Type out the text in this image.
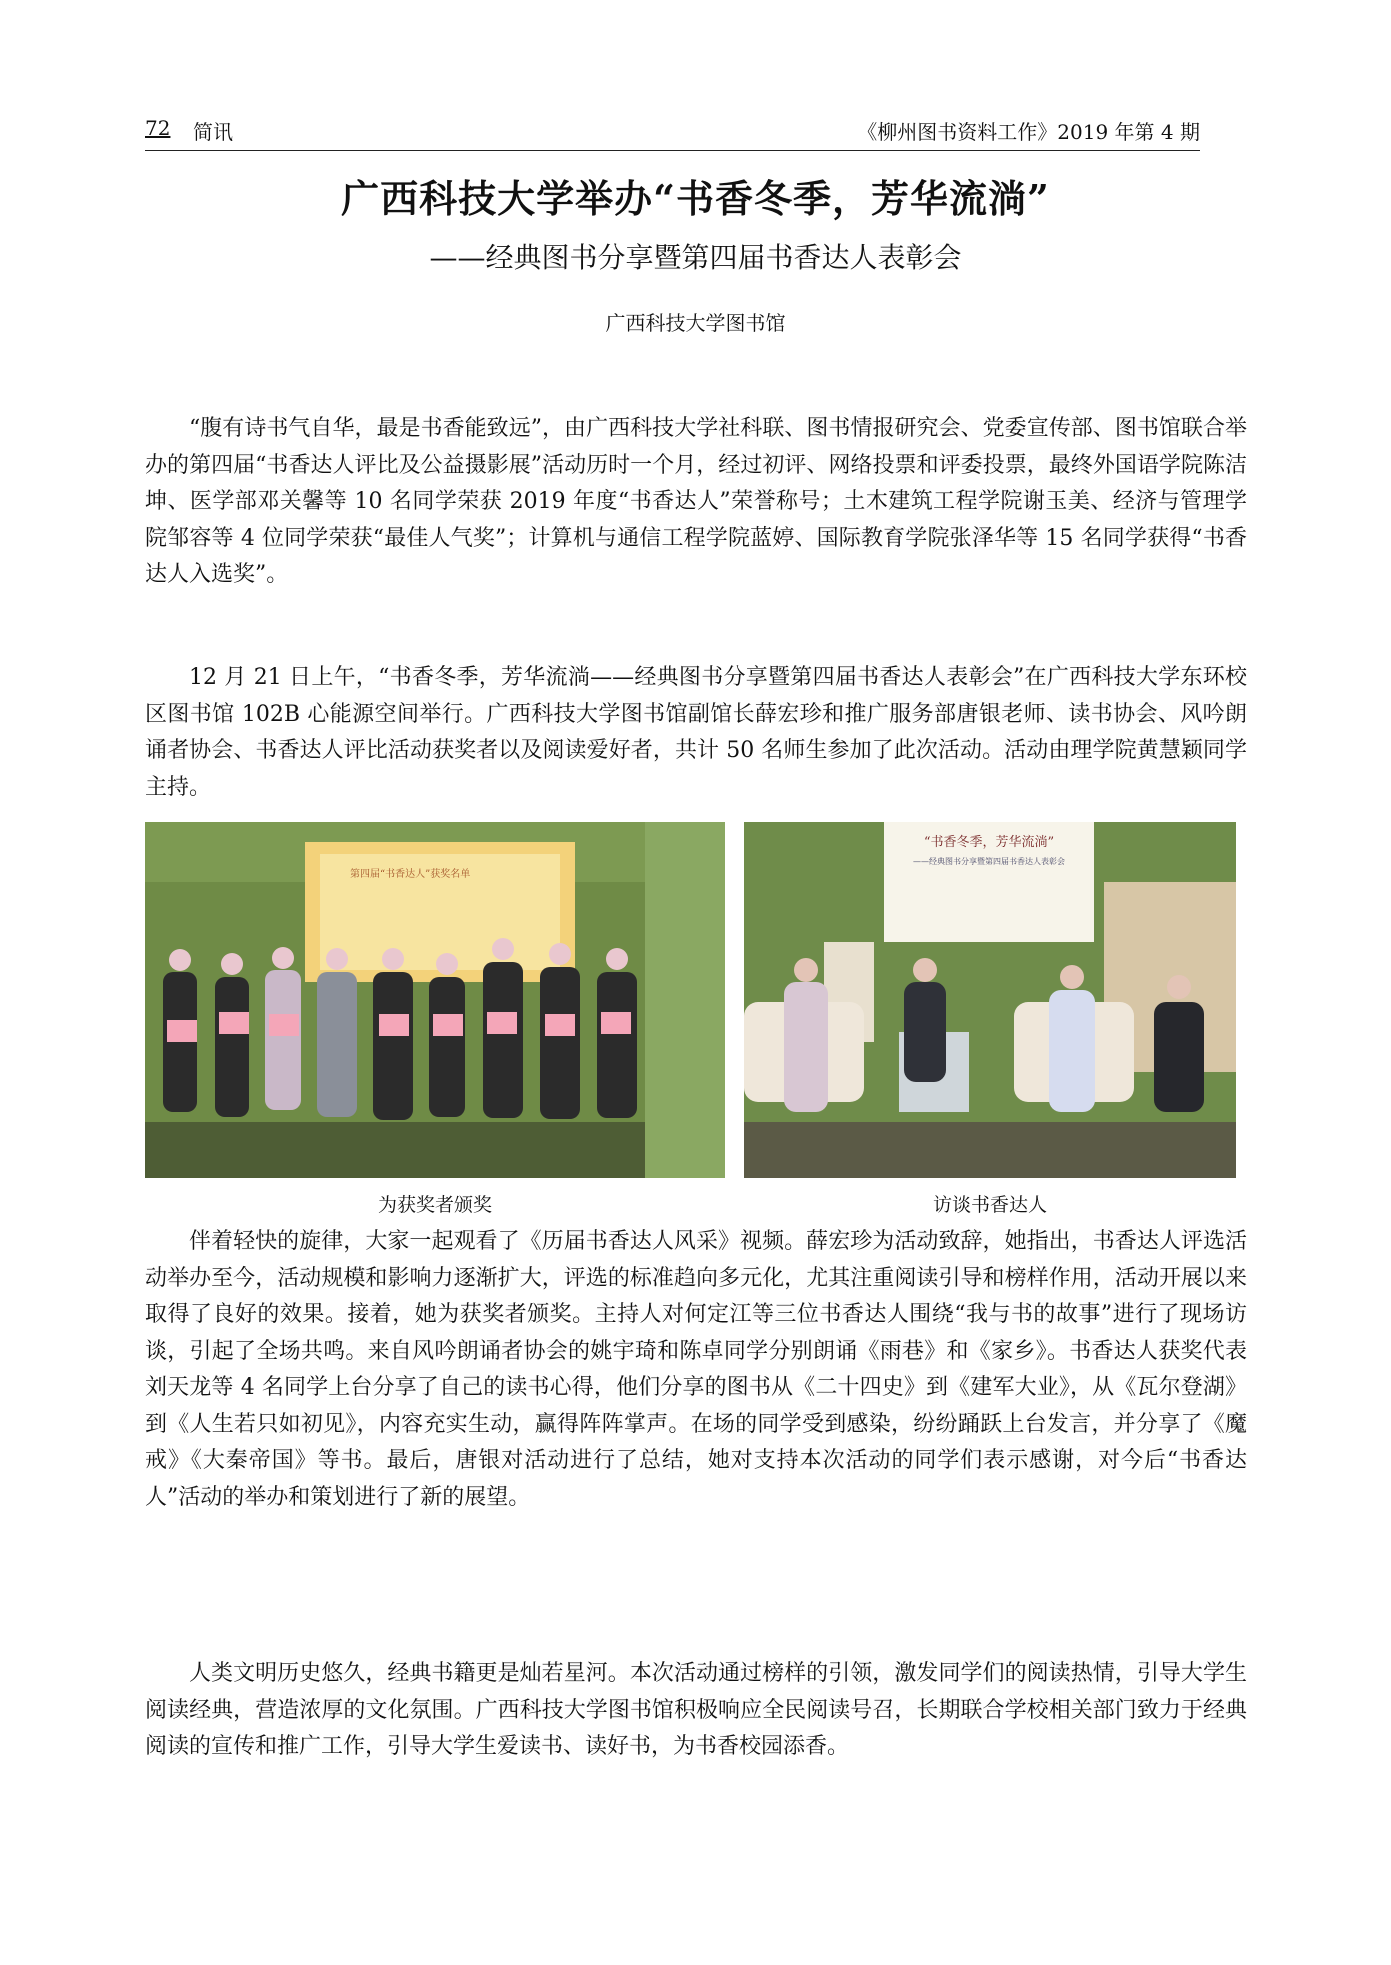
72 简讯	《柳州图书资料工作》2019 年第 4 期
广西科技大学举办“书香冬季，芳华流淌”
——经典图书分享暨第四届书香达人表彰会
广西科技大学图书馆

“腹有诗书气自华，最是书香能致远”，由广西科技大学社科联、图书情报研究会、党委宣传部、图书馆联合举办的第四届“书香达人评比及公益摄影展”活动历时一个月，经过初评、网络投票和评委投票，最终外国语学院陈洁坤、医学部邓关馨等 10 名同学荣获 2019 年度“书香达人”荣誉称号；土木建筑工程学院谢玉美、经济与管理学院邹容等 4 位同学荣获“最佳人气奖”；计算机与通信工程学院蓝婷、国际教育学院张泽华等 15 名同学获得“书香达人入选奖”。

12 月 21 日上午，“书香冬季，芳华流淌——经典图书分享暨第四届书香达人表彰会”在广西科技大学东环校区图书馆 102B 心能源空间举行。广西科技大学图书馆副馆长薛宏珍和推广服务部唐银老师、读书协会、风吟朗诵者协会、书香达人评比活动获奖者以及阅读爱好者，共计 50 名师生参加了此次活动。活动由理学院黄慧颖同学主持。

第四届“书香达人”获奖名单
为获奖者颁奖
“书香冬季，芳华流淌”
——经典图书分享暨第四届书香达人表彰会
访谈书香达人

伴着轻快的旋律，大家一起观看了《历届书香达人风采》视频。薛宏珍为活动致辞，她指出，书香达人评选活动举办至今，活动规模和影响力逐渐扩大，评选的标准趋向多元化，尤其注重阅读引导和榜样作用，活动开展以来取得了良好的效果。接着，她为获奖者颁奖。主持人对何定江等三位书香达人围绕“我与书的故事”进行了现场访谈，引起了全场共鸣。来自风吟朗诵者协会的姚宇琦和陈卓同学分别朗诵《雨巷》和《家乡》。书香达人获奖代表刘天龙等 4 名同学上台分享了自己的读书心得，他们分享的图书从《二十四史》到《建军大业》，从《瓦尔登湖》到《人生若只如初见》，内容充实生动，赢得阵阵掌声。在场的同学受到感染，纷纷踊跃上台发言，并分享了《魔戒》《大秦帝国》等书。最后，唐银对活动进行了总结，她对支持本次活动的同学们表示感谢，对今后“书香达人”活动的举办和策划进行了新的展望。

人类文明历史悠久，经典书籍更是灿若星河。本次活动通过榜样的引领，激发同学们的阅读热情，引导大学生阅读经典，营造浓厚的文化氛围。广西科技大学图书馆积极响应全民阅读号召，长期联合学校相关部门致力于经典阅读的宣传和推广工作，引导大学生爱读书、读好书，为书香校园添香。
